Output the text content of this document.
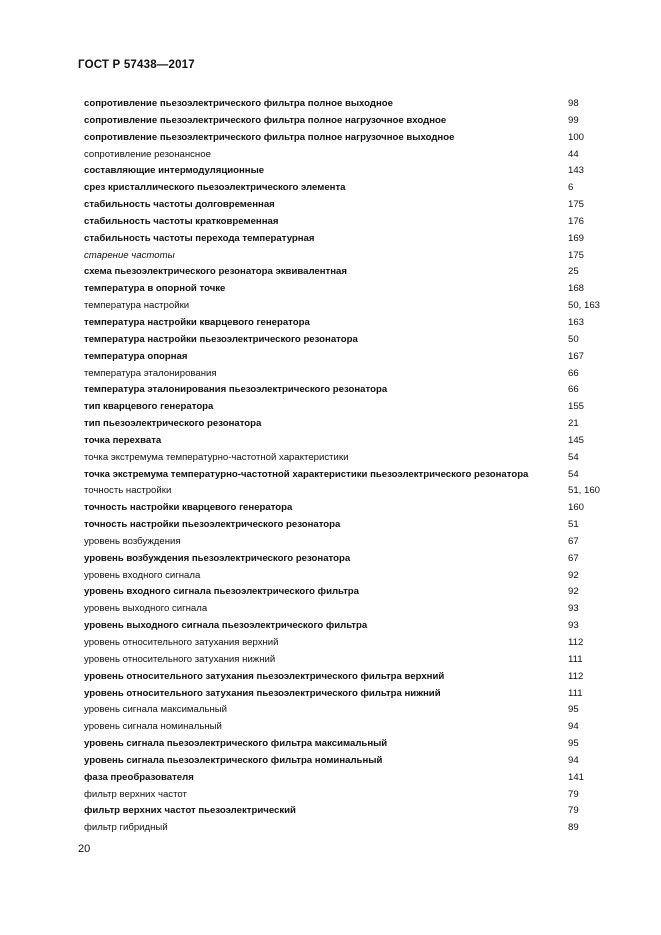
ГОСТ Р 57438—2017
сопротивление пьезоэлектрического фильтра полное выходное	98
сопротивление пьезоэлектрического фильтра полное нагрузочное входное	99
сопротивление пьезоэлектрического фильтра полное нагрузочное выходное	100
сопротивление резонансное	44
составляющие интермодуляционные	143
срез кристаллического пьезоэлектрического элемента	6
стабильность частоты долговременная	175
стабильность частоты кратковременная	176
стабильность частоты перехода температурная	169
старение частоты	175
схема пьезоэлектрического резонатора эквивалентная	25
температура в опорной точке	168
температура настройки	50, 163
температура настройки кварцевого генератора	163
температура настройки пьезоэлектрического резонатора	50
температура опорная	167
температура эталонирования	66
температура эталонирования пьезоэлектрического резонатора	66
тип кварцевого генератора	155
тип пьезоэлектрического резонатора	21
точка перехвата	145
точка экстремума температурно-частотной характеристики	54
точка экстремума температурно-частотной характеристики пьезоэлектрического резонатора	54
точность настройки	51, 160
точность настройки кварцевого генератора	160
точность настройки пьезоэлектрического резонатора	51
уровень возбуждения	67
уровень возбуждения пьезоэлектрического резонатора	67
уровень входного сигнала	92
уровень входного сигнала пьезоэлектрического фильтра	92
уровень выходного сигнала	93
уровень выходного сигнала пьезоэлектрического фильтра	93
уровень относительного затухания верхний	112
уровень относительного затухания нижний	111
уровень относительного затухания пьезоэлектрического фильтра верхний	112
уровень относительного затухания пьезоэлектрического фильтра нижний	111
уровень сигнала максимальный	95
уровень сигнала номинальный	94
уровень сигнала пьезоэлектрического фильтра максимальный	95
уровень сигнала пьезоэлектрического фильтра номинальный	94
фаза преобразователя	141
фильтр верхних частот	79
фильтр верхних частот пьезоэлектрический	79
фильтр гибридный	89
20
